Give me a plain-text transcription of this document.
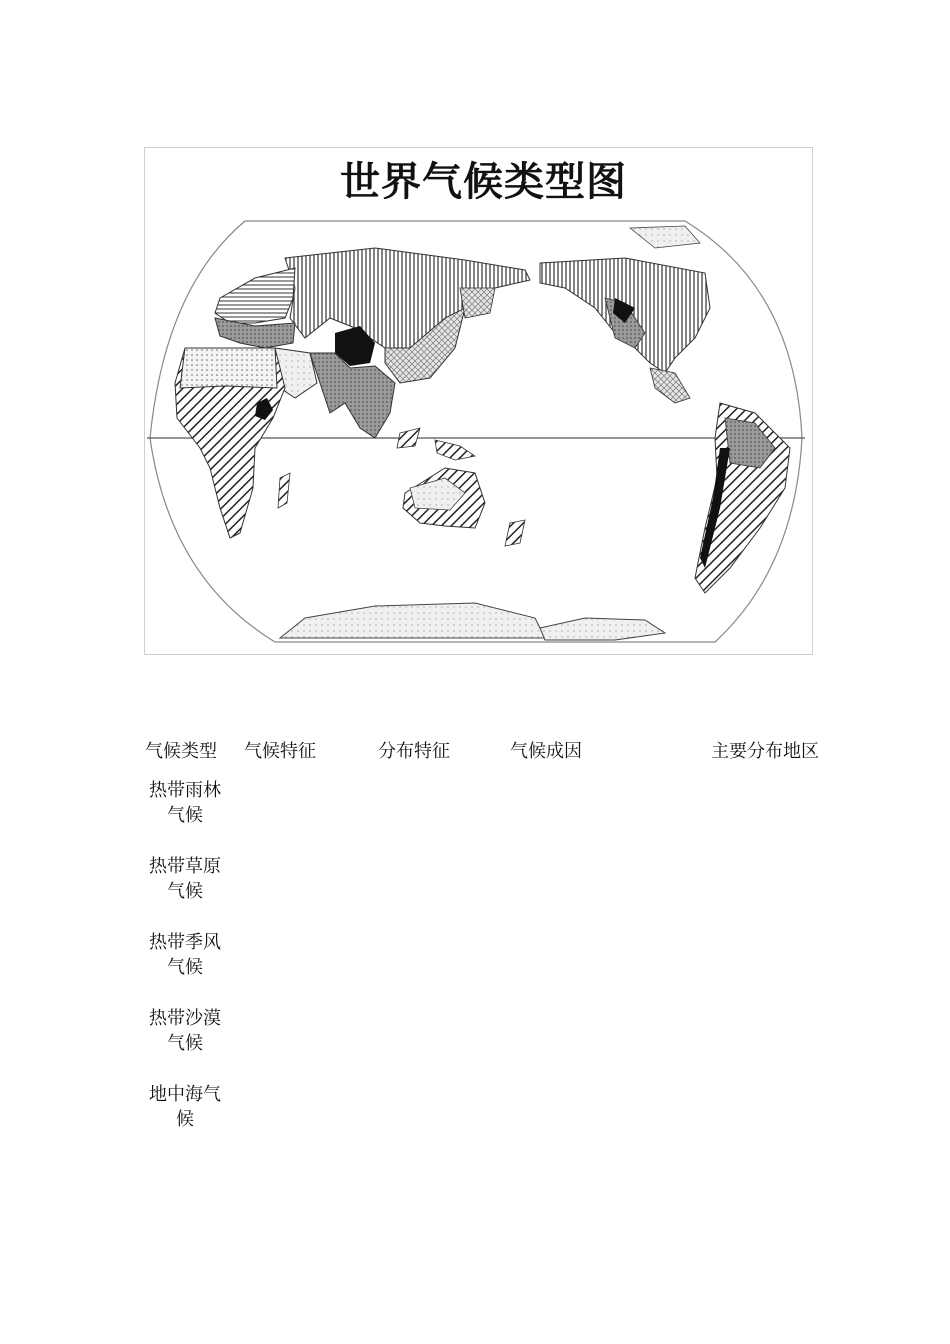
世界气候类型图
气候类型 气候特征	分布特征	气候成因	主要分布地区
热带雨林
气候
热带草原
气候
热带季风
气候
热带沙漠
气候
地中海气
候
